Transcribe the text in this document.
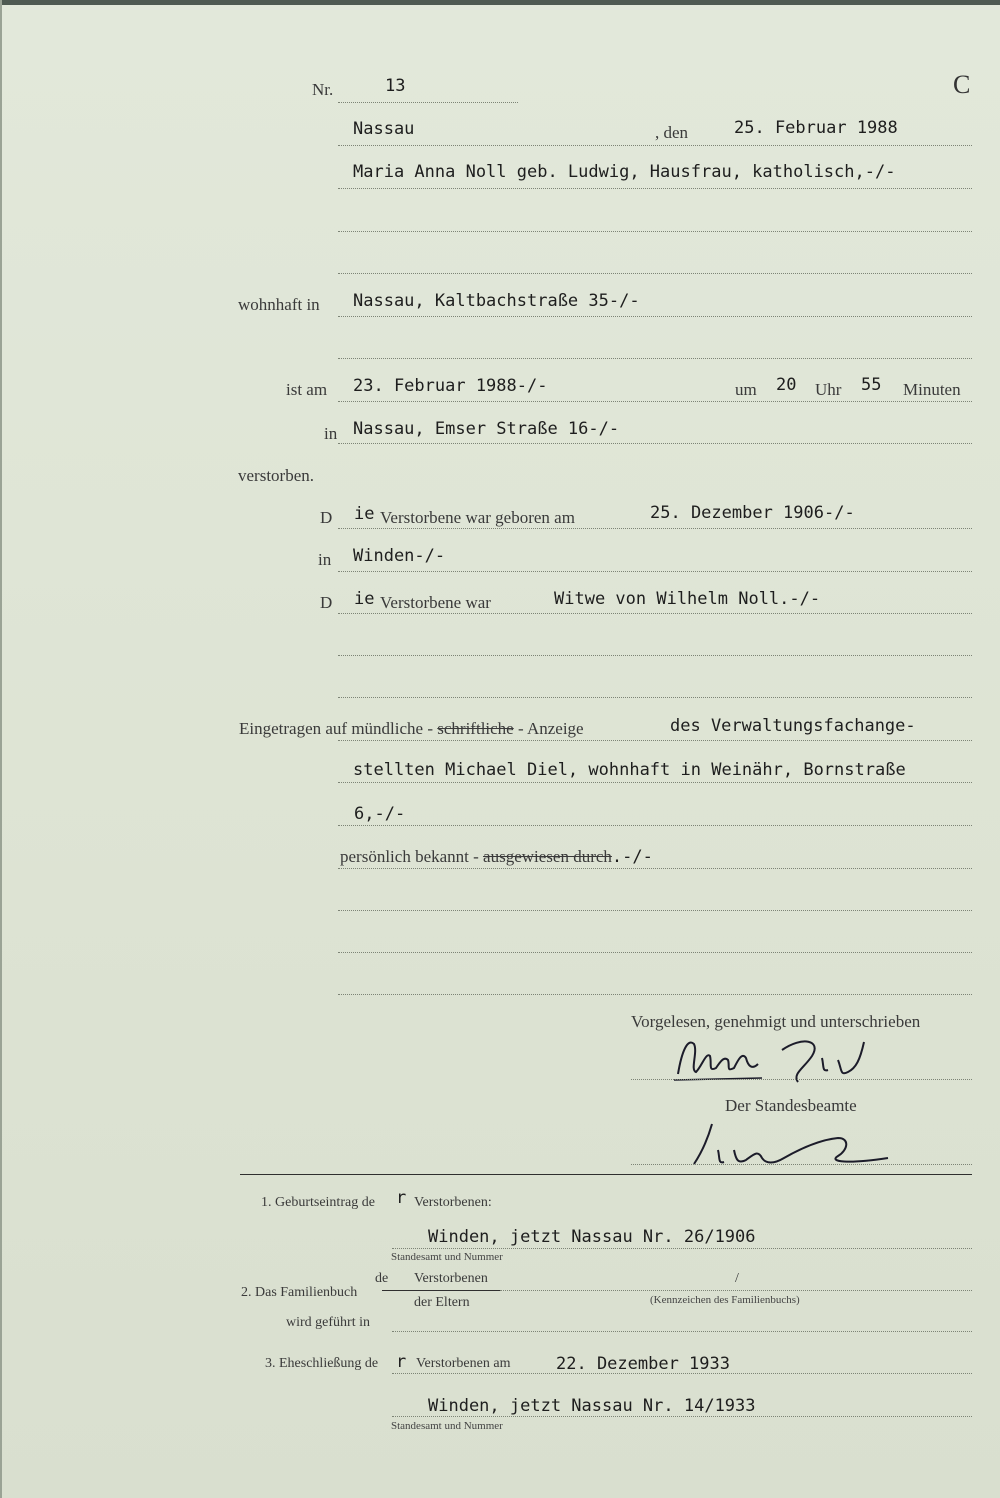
Nr.	13	C
Nassau	, den	25. Februar 1988
Maria Anna Noll geb. Ludwig, Hausfrau, katholisch,-/-
wohnhaft in Nassau, Kaltbachstraße 35-/-
ist am 23. Februar 1988-/-	um 20 Uhr 55 Minuten
in Nassau, Emser Straße 16-/-
verstorben.
D ie Verstorbene war geboren am	25. Dezember 1906-/-
in Winden-/-
D ie Verstorbene war	Witwe von Wilhelm Noll.-/-
Eingetragen auf mündliche - schriftliche - Anzeige	des Verwaltungsfachange-
stellten Michael Diel, wohnhaft in Weinähr, Bornstraße
6,-/-
persönlich bekannt - ausgewiesen durch.-/-
Vorgelesen, genehmigt und unterschrieben
Der Standesbeamte
1. Geburtseintrag de r Verstorbenen:
Winden, jetzt Nassau Nr. 26/1906
Standesamt und Nummer
2. Das Familienbuch
de Verstorbenen
der Eltern
/
(Kennzeichen des Familienbuchs)
wird geführt in
3. Eheschließung de r Verstorbenen am	22. Dezember 1933
Winden, jetzt Nassau Nr. 14/1933
Standesamt und Nummer
